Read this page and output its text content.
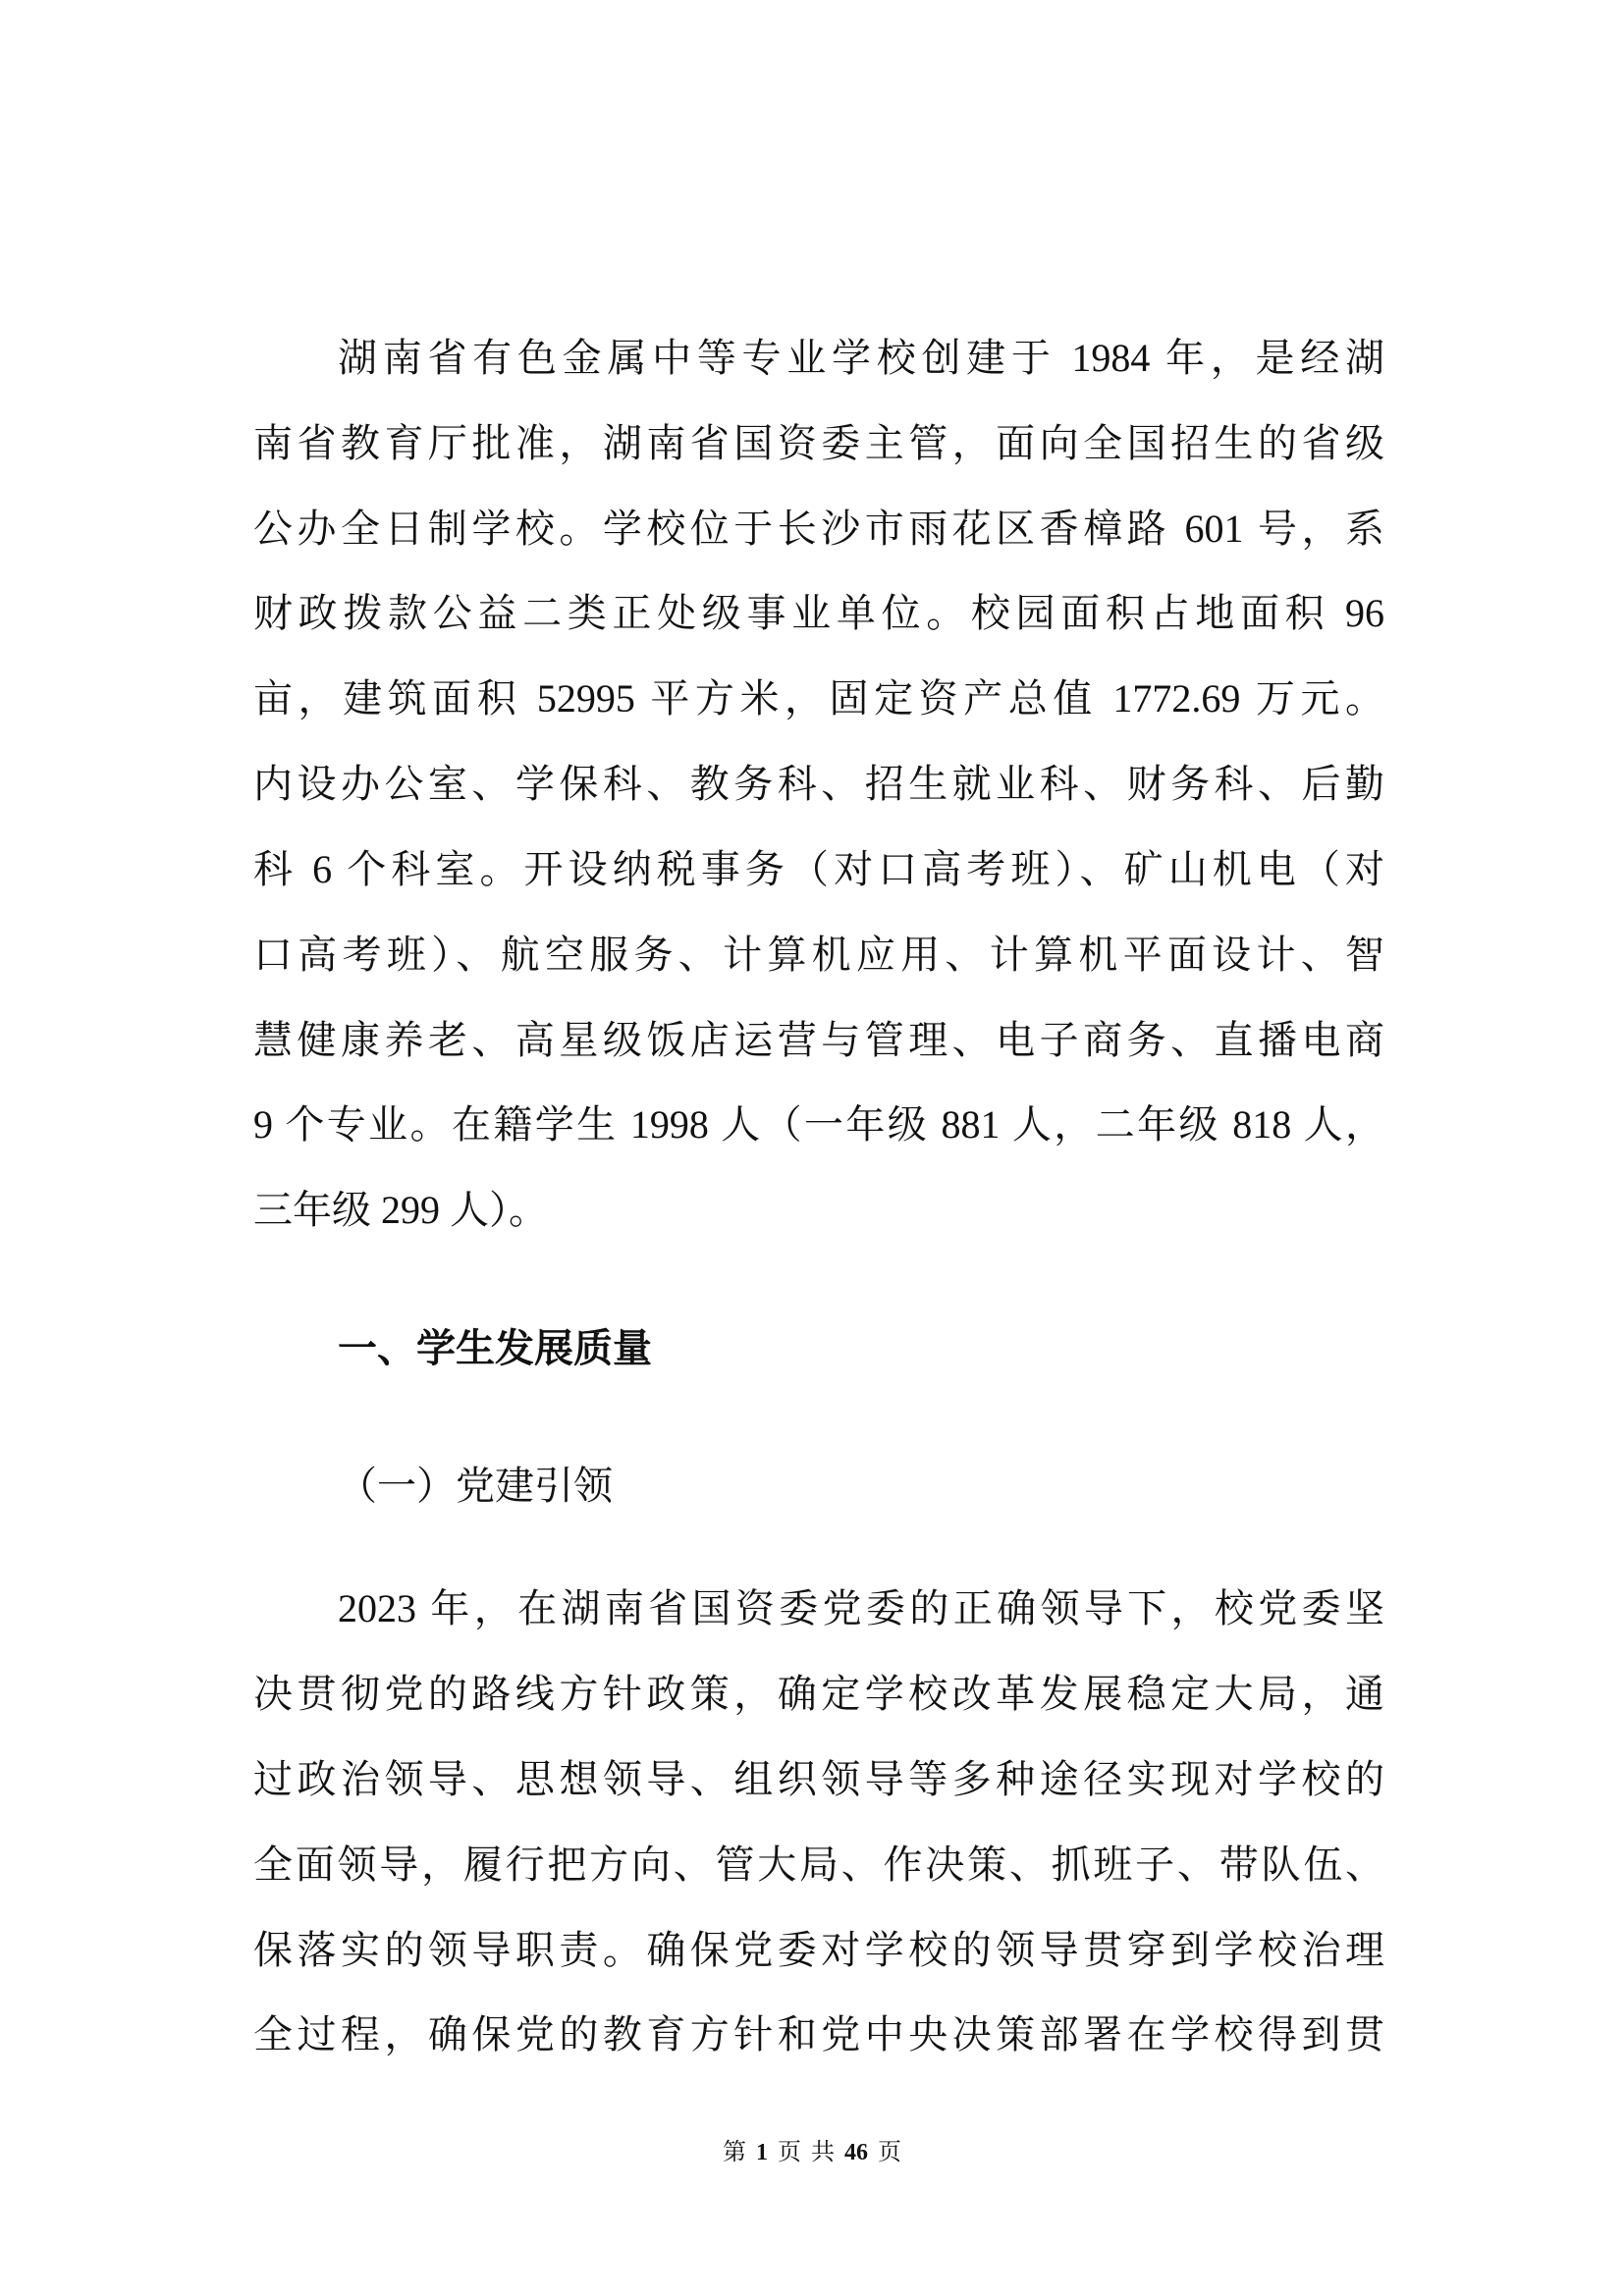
湖南省有色金属中等专业学校创建于 1984 年，是经湖

南省教育厅批准，湖南省国资委主管，面向全国招生的省级

公办全日制学校。学校位于长沙市雨花区香樟路 601 号，系

财政拨款公益二类正处级事业单位。校园面积占地面积 96

亩，建筑面积 52995 平方米，固定资产总值 1772.69 万元。

内设办公室、学保科、教务科、招生就业科、财务科、后勤

科 6 个科室。开设纳税事务（对口高考班）、矿山机电（对

口高考班）、航空服务、计算机应用、计算机平面设计、智

慧健康养老、高星级饭店运营与管理、电子商务、直播电商

9 个专业。在籍学生 1998 人（一年级 881 人，二年级 818 人，

三年级 299 人）。

一、学生发展质量
（一）党建引领

2023 年，在湖南省国资委党委的正确领导下，校党委坚

决贯彻党的路线方针政策，确定学校改革发展稳定大局，通

过政治领导、思想领导、组织领导等多种途径实现对学校的

全面领导，履行把方向、管大局、作决策、抓班子、带队伍、

保落实的领导职责。确保党委对学校的领导贯穿到学校治理

全过程，确保党的教育方针和党中央决策部署在学校得到贯

第 1 页 共 46 页
